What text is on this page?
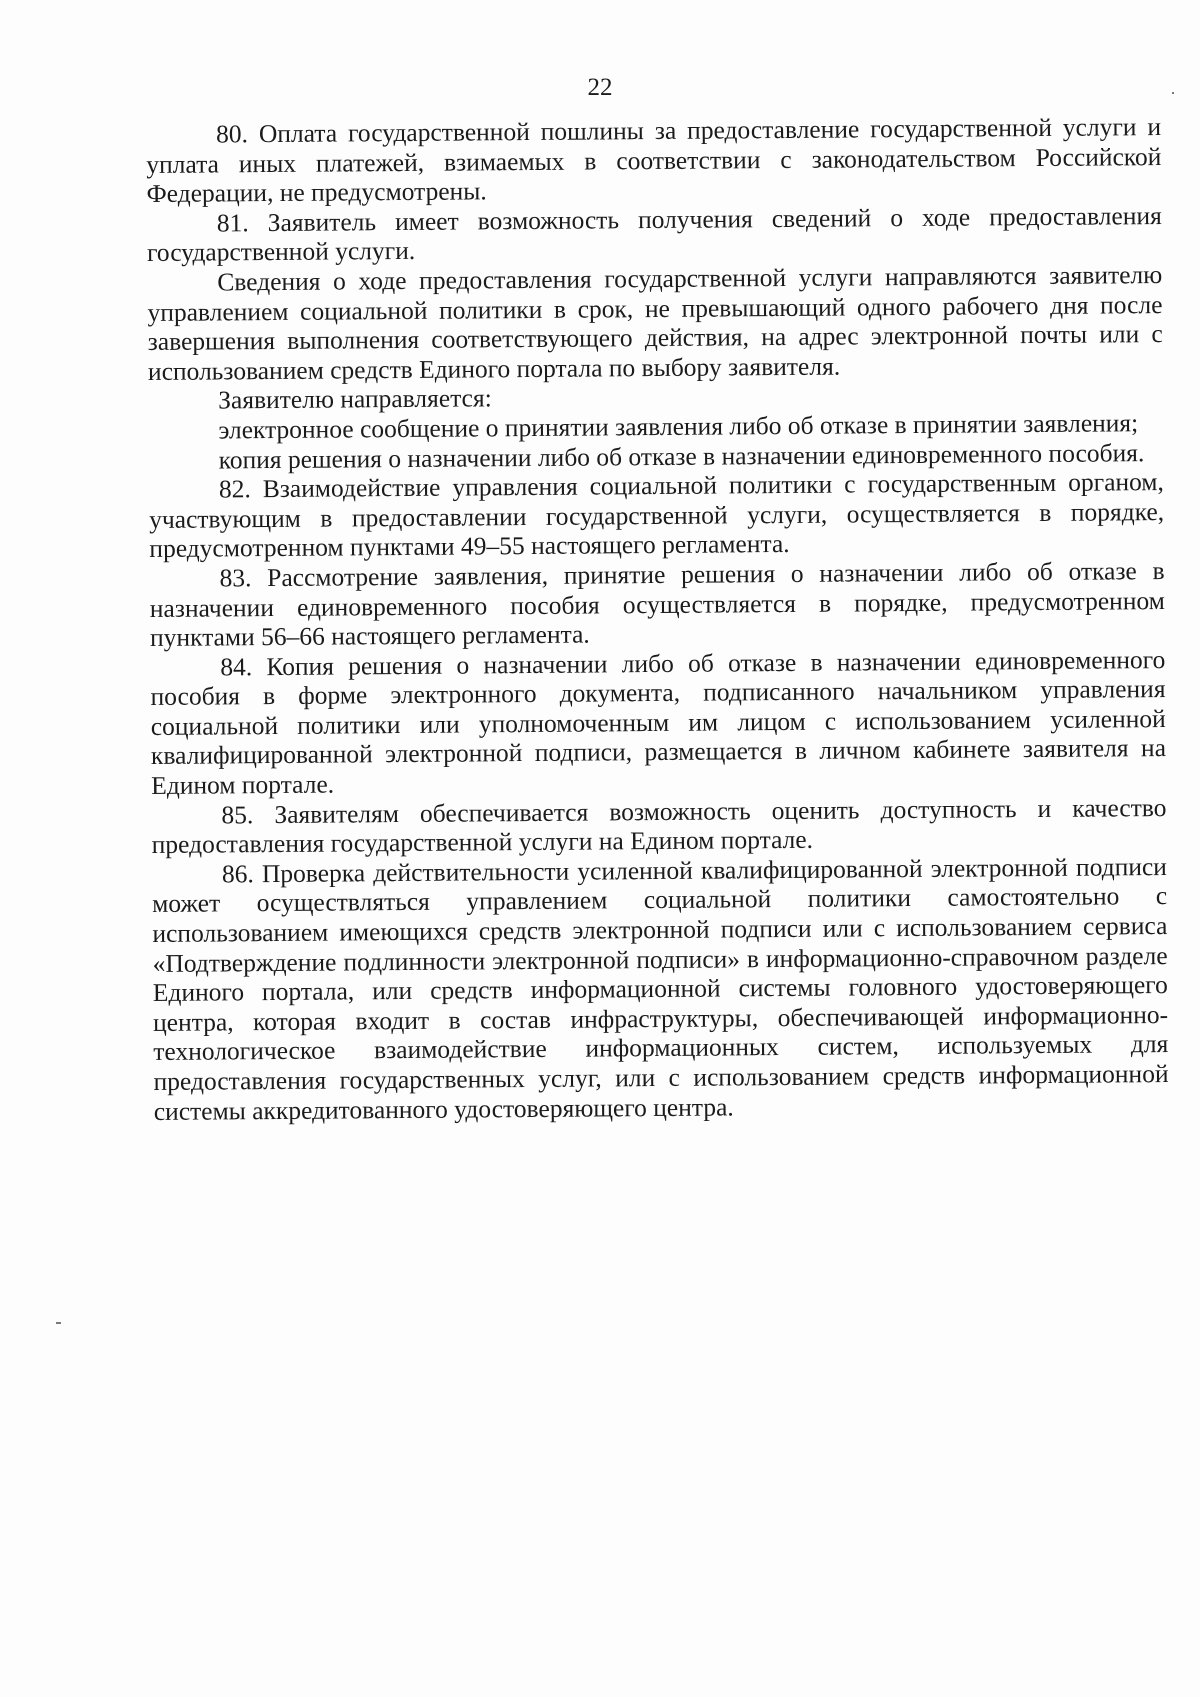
22

80. Оплата государственной пошлины за предоставление государственной услуги и уплата иных платежей, взимаемых в соответствии с законодательством Российской Федерации, не предусмотрены.

81. Заявитель имеет возможность получения сведений о ходе предоставления государственной услуги.

Сведения о ходе предоставления государственной услуги направляются заявителю управлением социальной политики в срок, не превышающий одного рабочего дня после завершения выполнения соответствующего действия, на адрес электронной почты или с использованием средств Единого портала по выбору заявителя.

Заявителю направляется:

электронное сообщение о принятии заявления либо об отказе в принятии заявления;

копия решения о назначении либо об отказе в назначении единовременного пособия.

82. Взаимодействие управления социальной политики с государственным органом, участвующим в предоставлении государственной услуги, осуществляется в порядке, предусмотренном пунктами 49–55 настоящего регламента.

83. Рассмотрение заявления, принятие решения о назначении либо об отказе в назначении единовременного пособия осуществляется в порядке, предусмотренном пунктами 56–66 настоящего регламента.

84. Копия решения о назначении либо об отказе в назначении единовременного пособия в форме электронного документа, подписанного начальником управления социальной политики или уполномоченным им лицом с использованием усиленной квалифицированной электронной подписи, размещается в личном кабинете заявителя на Едином портале.

85. Заявителям обеспечивается возможность оценить доступность и качество предоставления государственной услуги на Едином портале.

86. Проверка действительности усиленной квалифицированной электронной подписи может осуществляться управлением социальной политики самостоятельно с использованием имеющихся средств электронной подписи или с использованием сервиса «Подтверждение подлинности электронной подписи» в информационно-справочном разделе Единого портала, или средств информационной системы головного удостоверяющего центра, которая входит в состав инфраструктуры, обеспечивающей информационно-технологическое взаимодействие информационных систем, используемых для предоставления государственных услуг, или с использованием средств информационной системы аккредитованного удостоверяющего центра.
